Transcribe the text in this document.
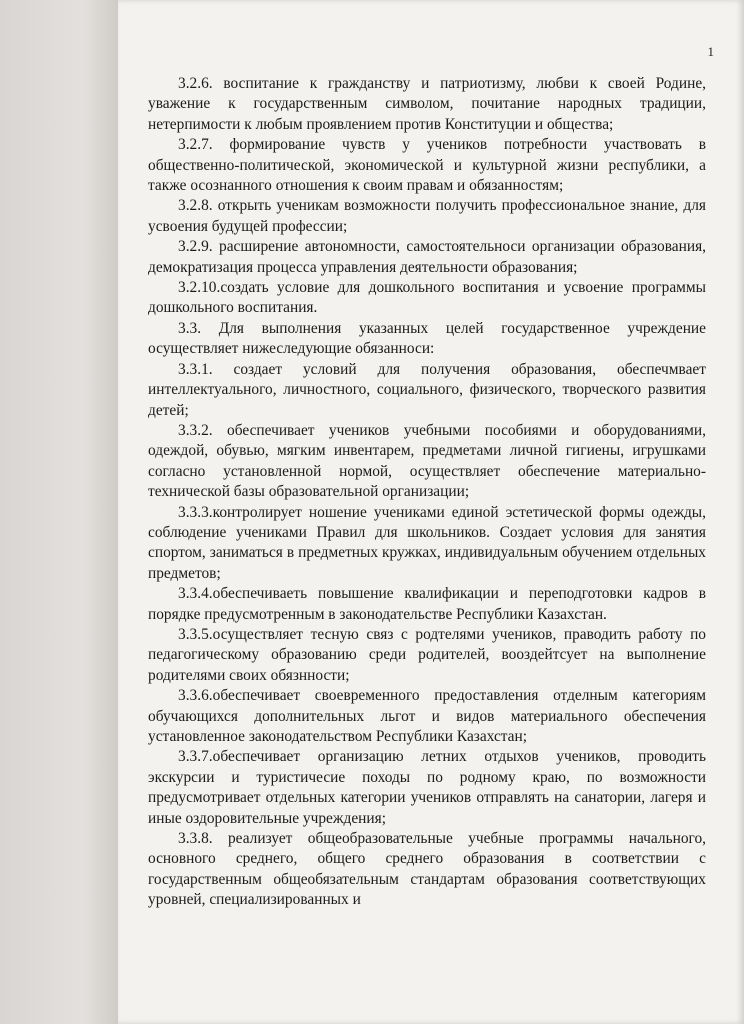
1

3.2.6. воспитание к гражданству и патриотизму, любви к своей Родине, уважение к государственным символом, почитание народных традиции, нетерпимости к любым проявлением против Конституции и общества;

3.2.7. формирование чувств у учеников потребности участвовать в общественно-политической, экономической и культурной жизни республики, а также осознанного отношения к своим правам и обязанностям;

3.2.8. открыть ученикам возможности получить профессиональное знание, для усвоения будущей профессии;

3.2.9. расширение автономности, самостоятельноси организации образования, демократизация процесса управления деятельности образования;

3.2.10.создать условие для дошкольного воспитания и усвоение программы дошкольного воспитания.

3.3. Для выполнения указанных целей государственное учреждение осуществляет нижеследующие обязанноси:

3.3.1. создает условий для получения образования, обеспечмвает интеллектуального, личностного, социального, физического, творческого развития детей;

3.3.2. обеспечивает учеников учебными пособиями и оборудованиями, одеждой, обувью, мягким инвентарем, предметами личной гигиены, игрушками согласно установленной нормой, осуществляет обеспечение материально-технической базы образовательной организации;

3.3.3.контролирует ношение учениками единой эстетической формы одежды, соблюдение учениками Правил для школьников. Создает условия для занятия спортом, заниматься в предметных кружках, индивидуальным обучением отдельных предметов;

3.3.4.обеспечиваеть повышение квалификации и переподготовки кадров в порядке предусмотренным в законодательстве Республики Казахстан.

3.3.5.осуществляет тесную связ с родтелями учеников, праводить работу по педагогическому образованию среди родителей, воoздейтсует на выполнение родителями своих обязнности;

3.3.6.обеспечивает своевременного предоставления отделным категориям обучающихся дополнительных льгот и видов материального обеспечения установленное законодательством Республики Казахстан;

3.3.7.обеспечивает организацию летних отдыхов учеников, проводить экскурсии и туристичесие походы по родному краю, по возможности предусмотривает отдельных категории учеников отправлять на санатории, лагеря и иные оздоровительные учреждения;

3.3.8. реализует общеобразовательные учебные программы начального, основного среднего, общего среднего образования в соответствии с государственным общеобязательным стандартам образования соответствующих уровней, специализированных и
